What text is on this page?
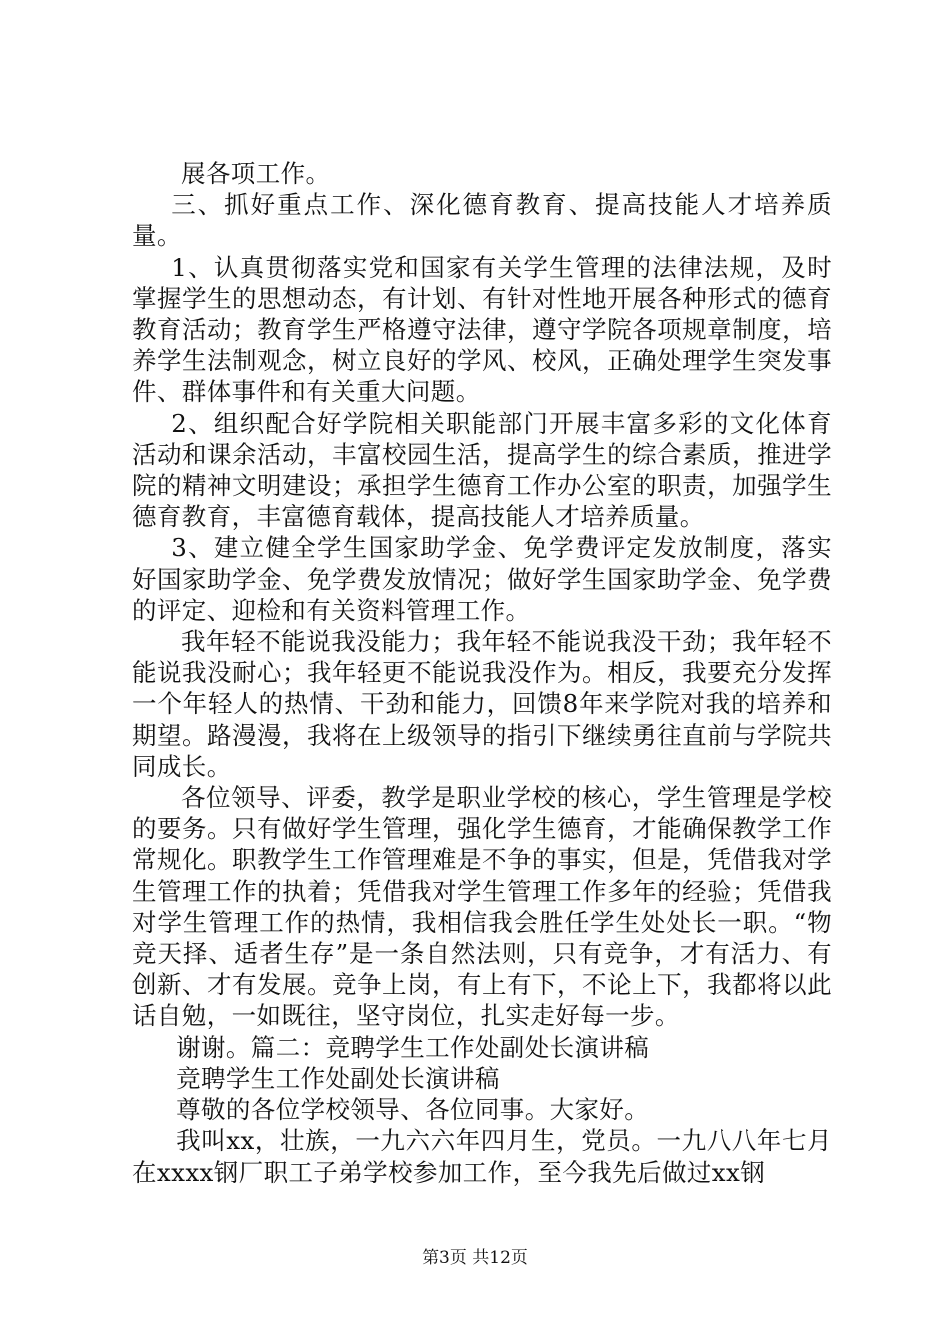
展各项工作。

三、抓好重点工作、深化德育教育、提高技能人才培养质量。

1、认真贯彻落实党和国家有关学生管理的法律法规，及时掌握学生的思想动态，有计划、有针对性地开展各种形式的德育教育活动；教育学生严格遵守法律，遵守学院各项规章制度，培养学生法制观念，树立良好的学风、校风，正确处理学生突发事件、群体事件和有关重大问题。

2、组织配合好学院相关职能部门开展丰富多彩的文化体育活动和课余活动，丰富校园生活，提高学生的综合素质，推进学院的精神文明建设；承担学生德育工作办公室的职责，加强学生德育教育，丰富德育载体，提高技能人才培养质量。

3、建立健全学生国家助学金、免学费评定发放制度，落实好国家助学金、免学费发放情况；做好学生国家助学金、免学费的评定、迎检和有关资料管理工作。

我年轻不能说我没能力；我年轻不能说我没干劲；我年轻不能说我没耐心；我年轻更不能说我没作为。相反，我要充分发挥一个年轻人的热情、干劲和能力，回馈8年来学院对我的培养和期望。路漫漫，我将在上级领导的指引下继续勇往直前与学院共同成长。

各位领导、评委，教学是职业学校的核心，学生管理是学校的要务。只有做好学生管理，强化学生德育，才能确保教学工作常规化。职教学生工作管理难是不争的事实，但是，凭借我对学生管理工作的执着；凭借我对学生管理工作多年的经验；凭借我对学生管理工作的热情，我相信我会胜任学生处处长一职。“物竞天择、适者生存”是一条自然法则，只有竞争，才有活力、有创新、才有发展。竞争上岗，有上有下，不论上下，我都将以此话自勉，一如既往，坚守岗位，扎实走好每一步。

谢谢。篇二：竞聘学生工作处副处长演讲稿

竞聘学生工作处副处长演讲稿

尊敬的各位学校领导、各位同事。大家好。

我叫xx，壮族，一九六六年四月生，党员。一九八八年七月在xxxx钢厂职工子弟学校参加工作，至今我先后做过xx钢

第3页 共12页
